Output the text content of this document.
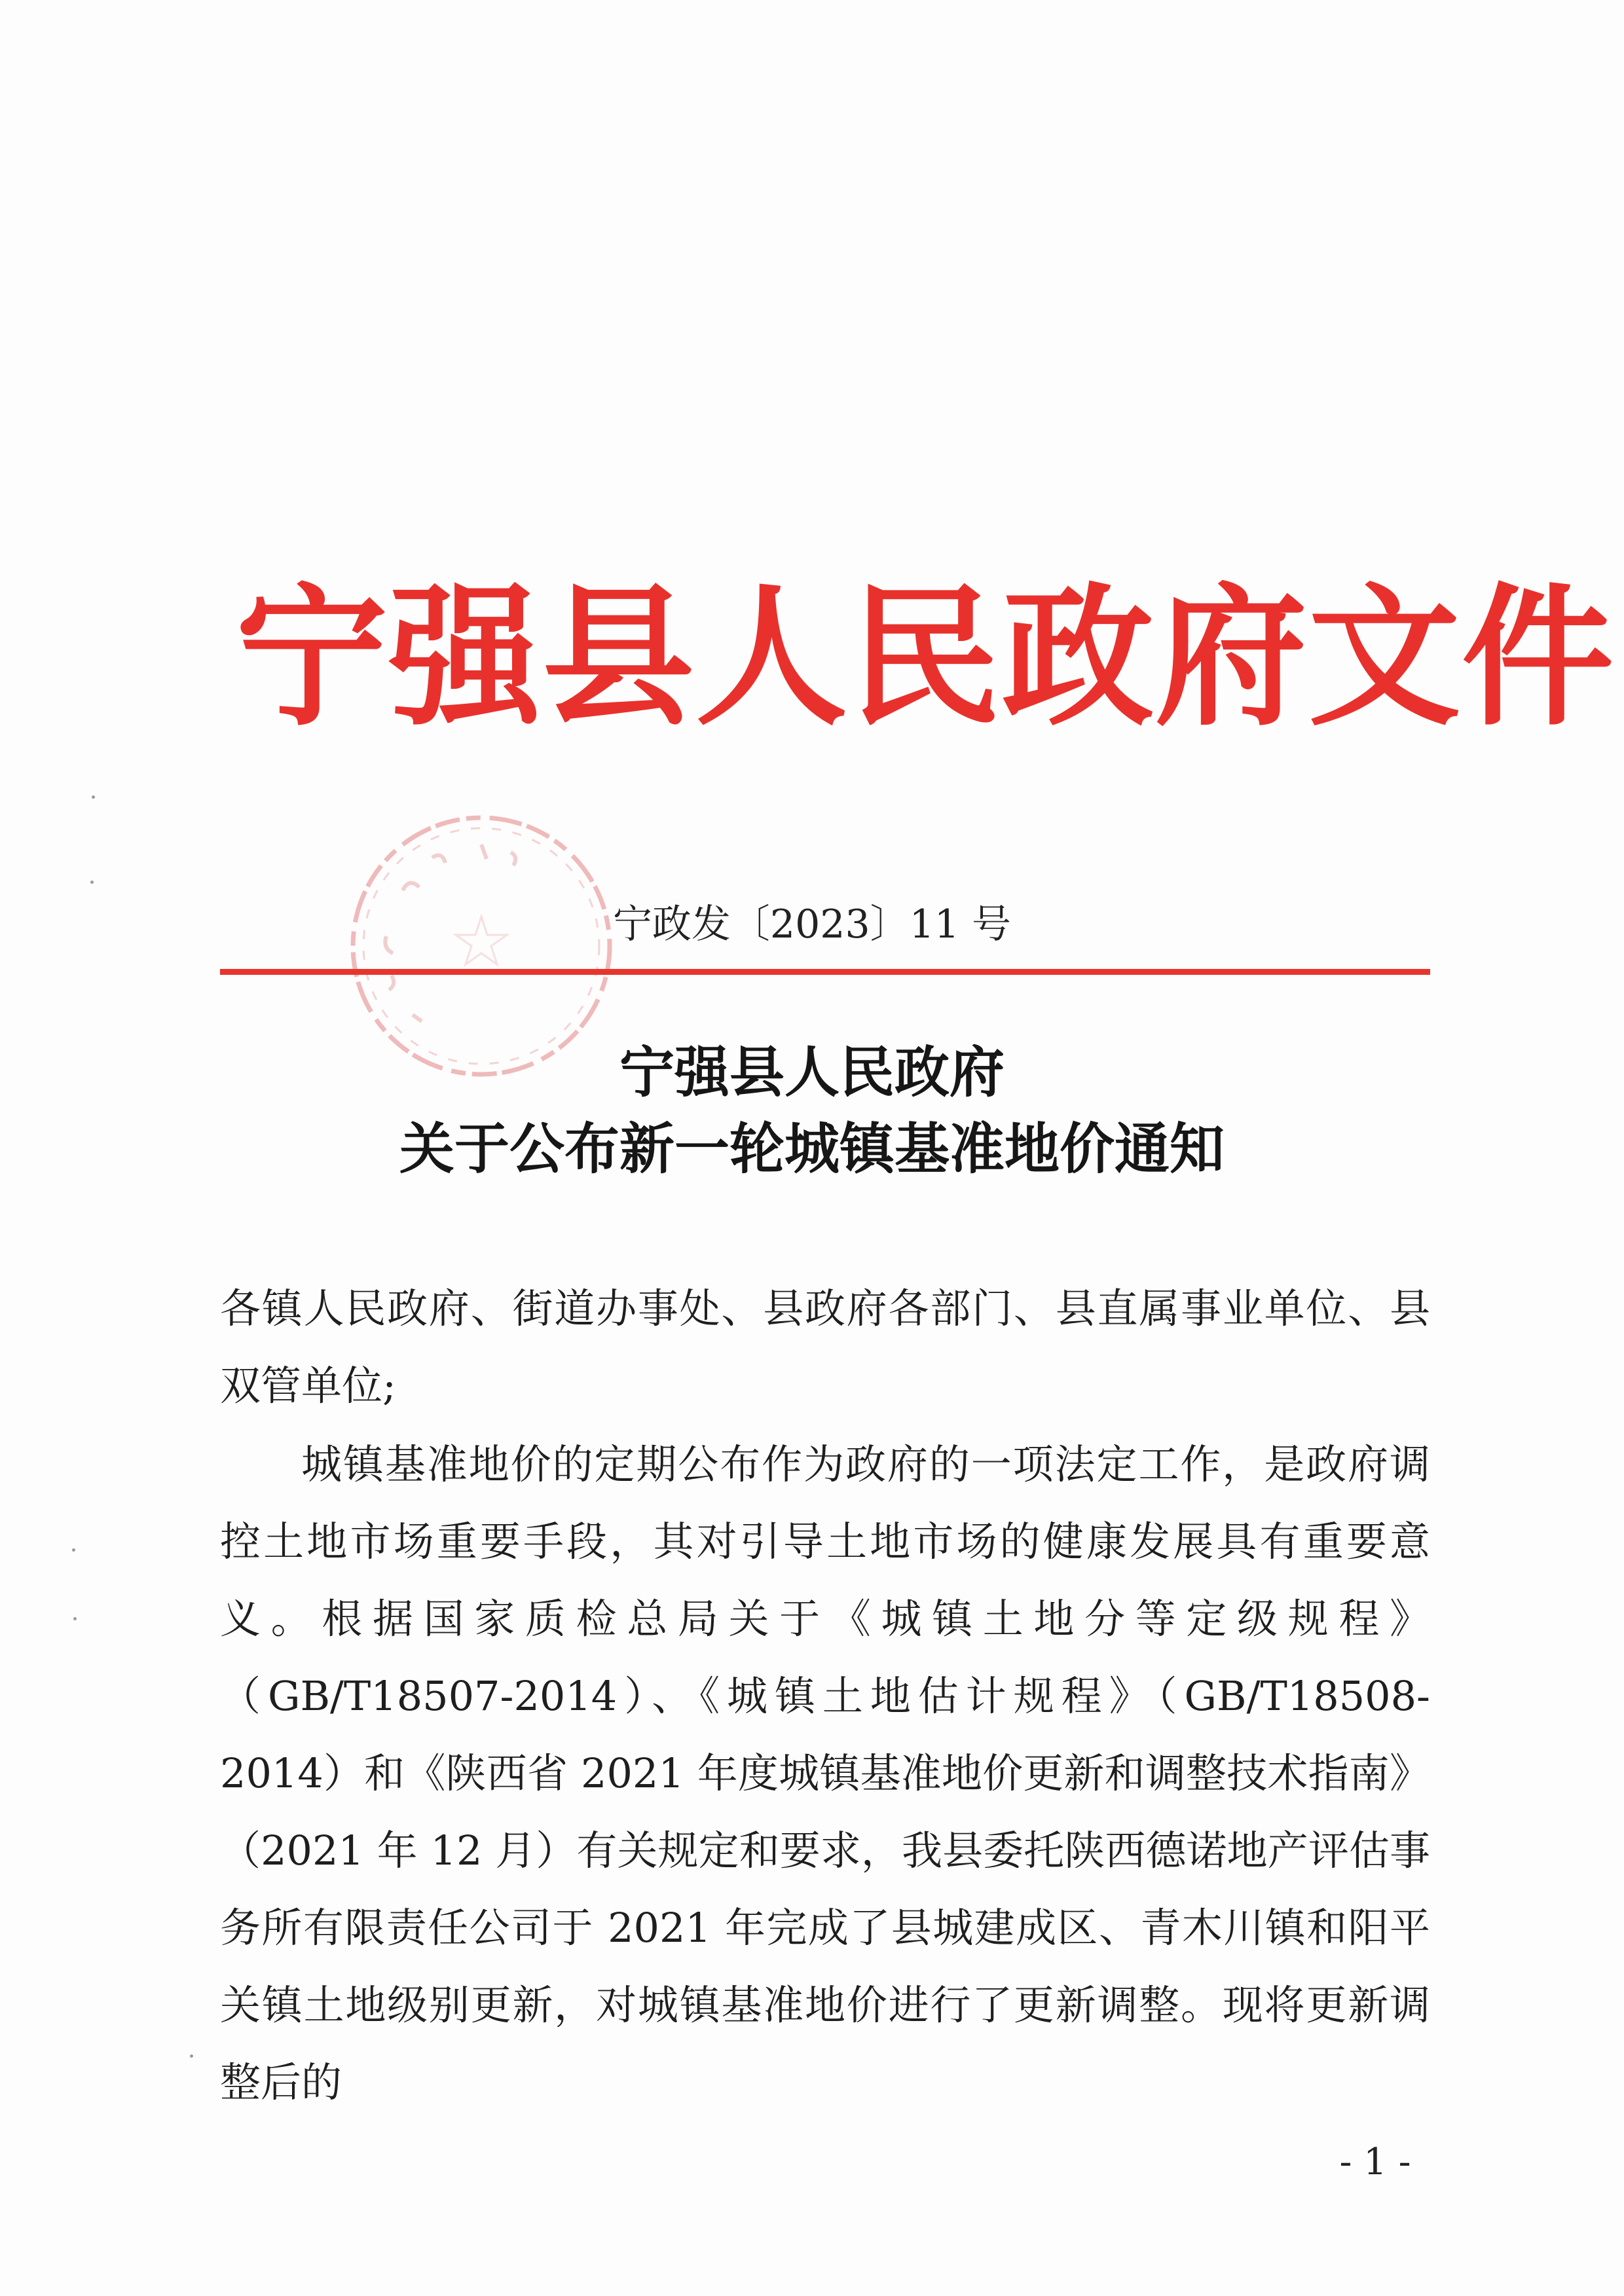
宁强县人民政府文件
宁政发〔2023〕11 号
宁强县人民政府
关于公布新一轮城镇基准地价通知

各镇人民政府、街道办事处、县政府各部门、县直属事业单位、县双管单位;

城镇基准地价的定期公布作为政府的一项法定工作，是政府调控土地市场重要手段，其对引导土地市场的健康发展具有重要意义。根据国家质检总局关于《城镇土地分等定级规程》（GB/T18507-2014）、《城镇土地估计规程》（GB/T18508-2014）和《陕西省 2021 年度城镇基准地价更新和调整技术指南》（2021 年 12 月）有关规定和要求，我县委托陕西德诺地产评估事务所有限责任公司于 2021 年完成了县城建成区、青木川镇和阳平关镇土地级别更新，对城镇基准地价进行了更新调整。现将更新调整后的

- 1 -
